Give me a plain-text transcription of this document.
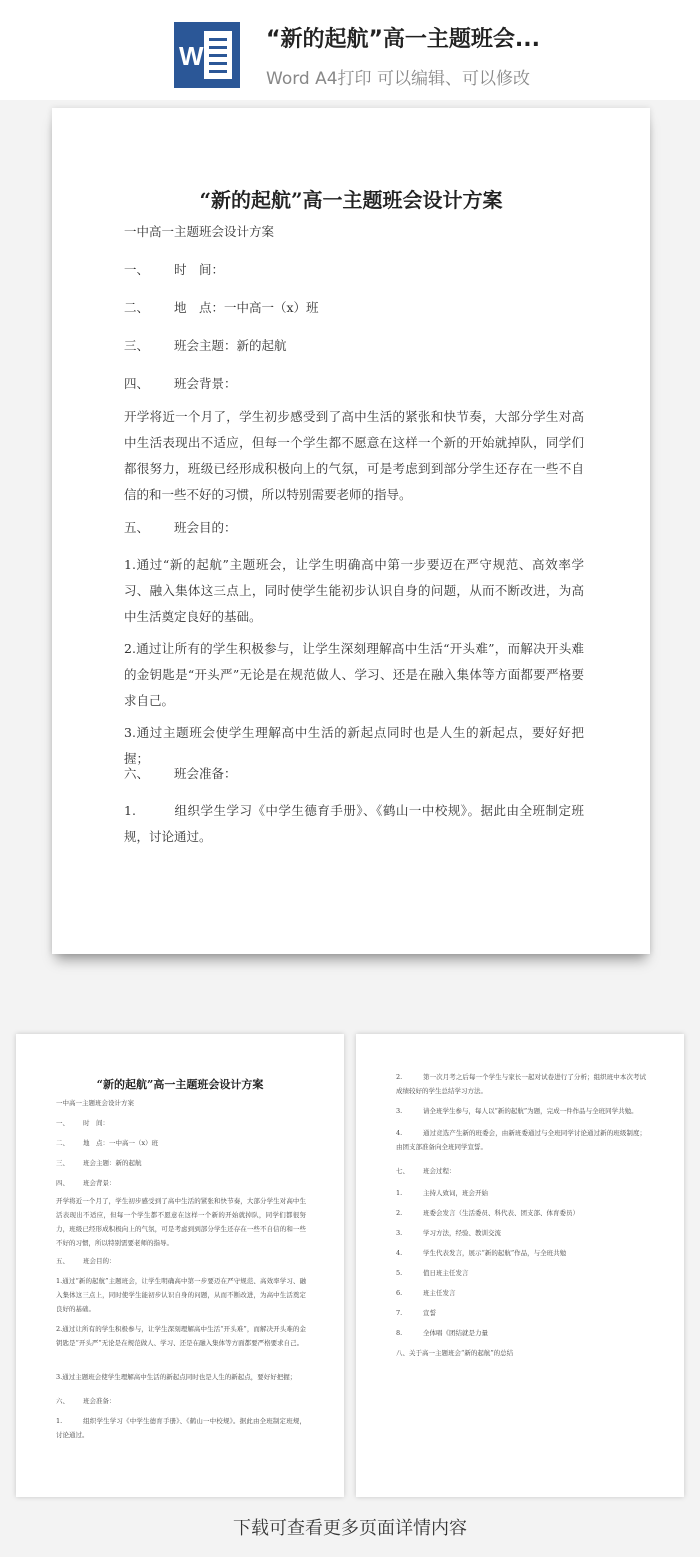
W
“新的起航”高一主题班会...
Word A4打印 可以编辑、可以修改
“新的起航”高一主题班会设计方案
一中高一主题班会设计方案
一、 时　间：
二、 地　点：一中高一（x）班
三、 班会主题：新的起航
四、 班会背景：
开学将近一个月了，学生初步感受到了高中生活的紧张和快节奏，大部分学生对高中生活表现出不适应，但每一个学生都不愿意在这样一个新的开始就掉队，同学们都很努力，班级已经形成积极向上的气氛，可是考虑到到部分学生还存在一些不自信的和一些不好的习惯，所以特别需要老师的指导。
五、 班会目的：
1.通过“新的起航”主题班会，让学生明确高中第一步要迈在严守规范、高效率学习、融入集体这三点上，同时使学生能初步认识自身的问题，从而不断改进，为高中生活奠定良好的基础。
2.通过让所有的学生积极参与，让学生深刻理解高中生活“开头难”，而解决开头难的金钥匙是“开头严”无论是在规范做人、学习、还是在融入集体等方面都要严格要求自己。
3.通过主题班会使学生理解高中生活的新起点同时也是人生的新起点，要好好把握；
六、 班会准备：
1.	组织学生学习《中学生德育手册》、《鹤山一中校规》。据此由全班制定班规，讨论通过。
“新的起航”高一主题班会设计方案
一中高一主题班会设计方案
一、 时　间：
二、 地　点：一中高一（x）班
三、 班会主题：新的起航
四、 班会背景：
开学将近一个月了，学生初步感受到了高中生活的紧张和快节奏，大部分学生对高中生活表现出不适应，但每一个学生都不愿意在这样一个新的开始就掉队，同学们都很努力，班级已经形成积极向上的气氛，可是考虑到到部分学生还存在一些不自信的和一些不好的习惯，所以特别需要老师的指导。
五、 班会目的：
1.通过“新的起航”主题班会，让学生明确高中第一步要迈在严守规范、高效率学习、融入集体这三点上，同时使学生能初步认识自身的问题，从而不断改进，为高中生活奠定良好的基础。
2.通过让所有的学生积极参与，让学生深刻理解高中生活“开头难”，而解决开头难的金钥匙是“开头严”无论是在规范做人、学习、还是在融入集体等方面都要严格要求自己。
3.通过主题班会使学生理解高中生活的新起点同时也是人生的新起点，要好好把握；
六、 班会准备：
1.	组织学生学习《中学生德育手册》、《鹤山一中校规》。据此由全班制定班规，讨论通过。
2.	第一次月考之后每一个学生与家长一起对试卷进行了分析；组织班中本次考试成绩较好的学生总结学习方法。
3.	请全班学生参与，每人以“新的起航”为题，完成一件作品与全班同学共勉。
4.	通过竞选产生新的班委会，由新班委通过与全班同学讨论通过新的班级制度；由团支部准备向全班同学宣誓。
七、 班会过程：
1.	主持人致词，班会开始
2.	班委会发言（生活委员、科代表、团支部、体育委员）
3.	学习方法，经验、教训交流
4.	学生代表发言，展示“新的起航”作品，与全班共勉
5.	值日班主任发言
6.	班主任发言
7.	宣誓
8.	全体唱《团结就是力量
八、关于高一主题班会“新的起航”的总结
下载可查看更多页面详情内容
